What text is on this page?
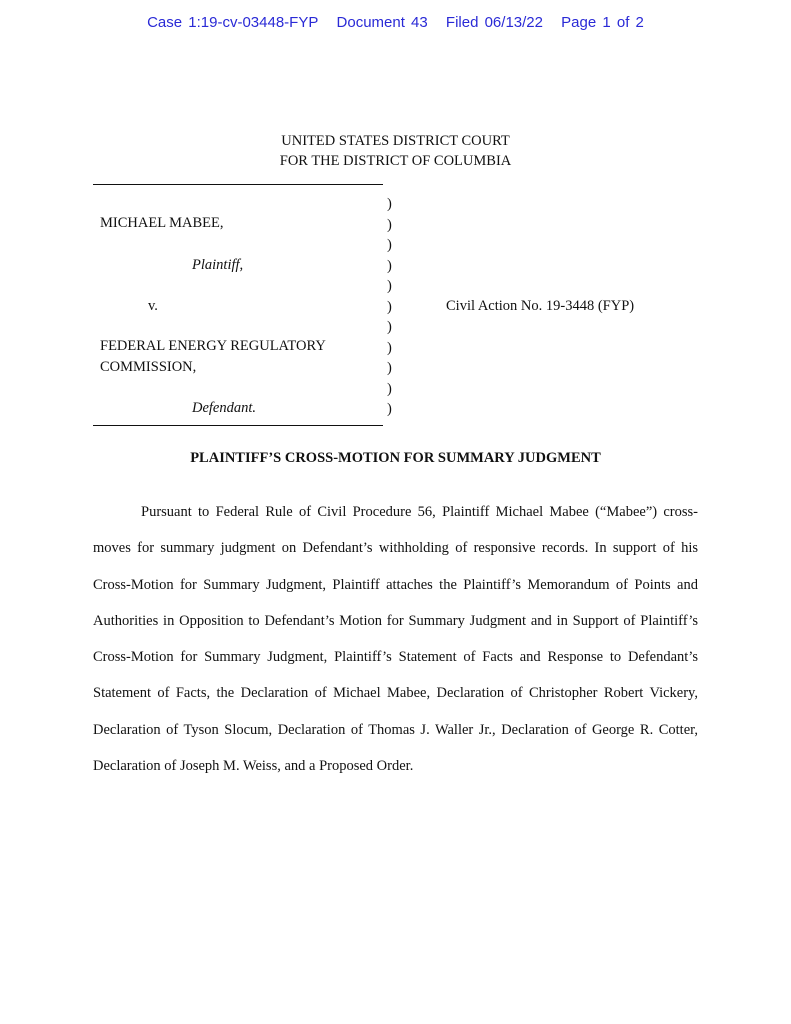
Case 1:19-cv-03448-FYP Document 43 Filed 06/13/22 Page 1 of 2
UNITED STATES DISTRICT COURT
FOR THE DISTRICT OF COLUMBIA
MICHAEL MABEE,
Plaintiff,
v.
FEDERAL ENERGY REGULATORY
COMMISSION,
Defendant.
)
)
)
)
)
)
)
)
)
)
)
Civil Action No. 19-3448 (FYP)
PLAINTIFF’S CROSS-MOTION FOR SUMMARY JUDGMENT

Pursuant to Federal Rule of Civil Procedure 56, Plaintiff Michael Mabee (“Mabee”) cross-moves for summary judgment on Defendant’s withholding of responsive records. In support of his Cross-Motion for Summary Judgment, Plaintiff attaches the Plaintiff’s Memorandum of Points and Authorities in Opposition to Defendant’s Motion for Summary Judgment and in Support of Plaintiff’s Cross-Motion for Summary Judgment, Plaintiff’s Statement of Facts and Response to Defendant’s Statement of Facts, the Declaration of Michael Mabee, Declaration of Christopher Robert Vickery, Declaration of Tyson Slocum, Declaration of Thomas J. Waller Jr., Declaration of George R. Cotter, Declaration of Joseph M. Weiss, and a Proposed Order.
